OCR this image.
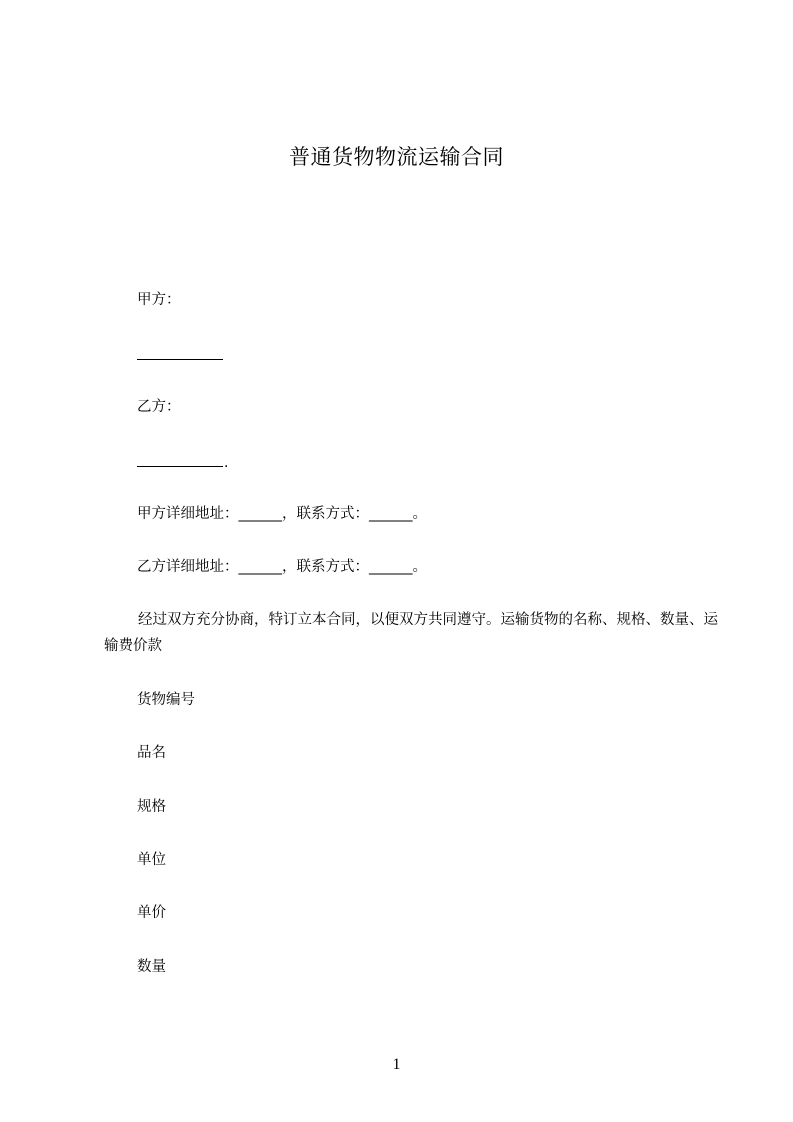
普通货物物流运输合同
甲方：
乙方：
.
甲方详细地址：______，联系方式：______。
乙方详细地址：______，联系方式：______。
经过双方充分协商，特订立本合同，以便双方共同遵守。运输货物的名称、规格、数量、运输费价款
货物编号
品名
规格
单位
单价
数量
1
